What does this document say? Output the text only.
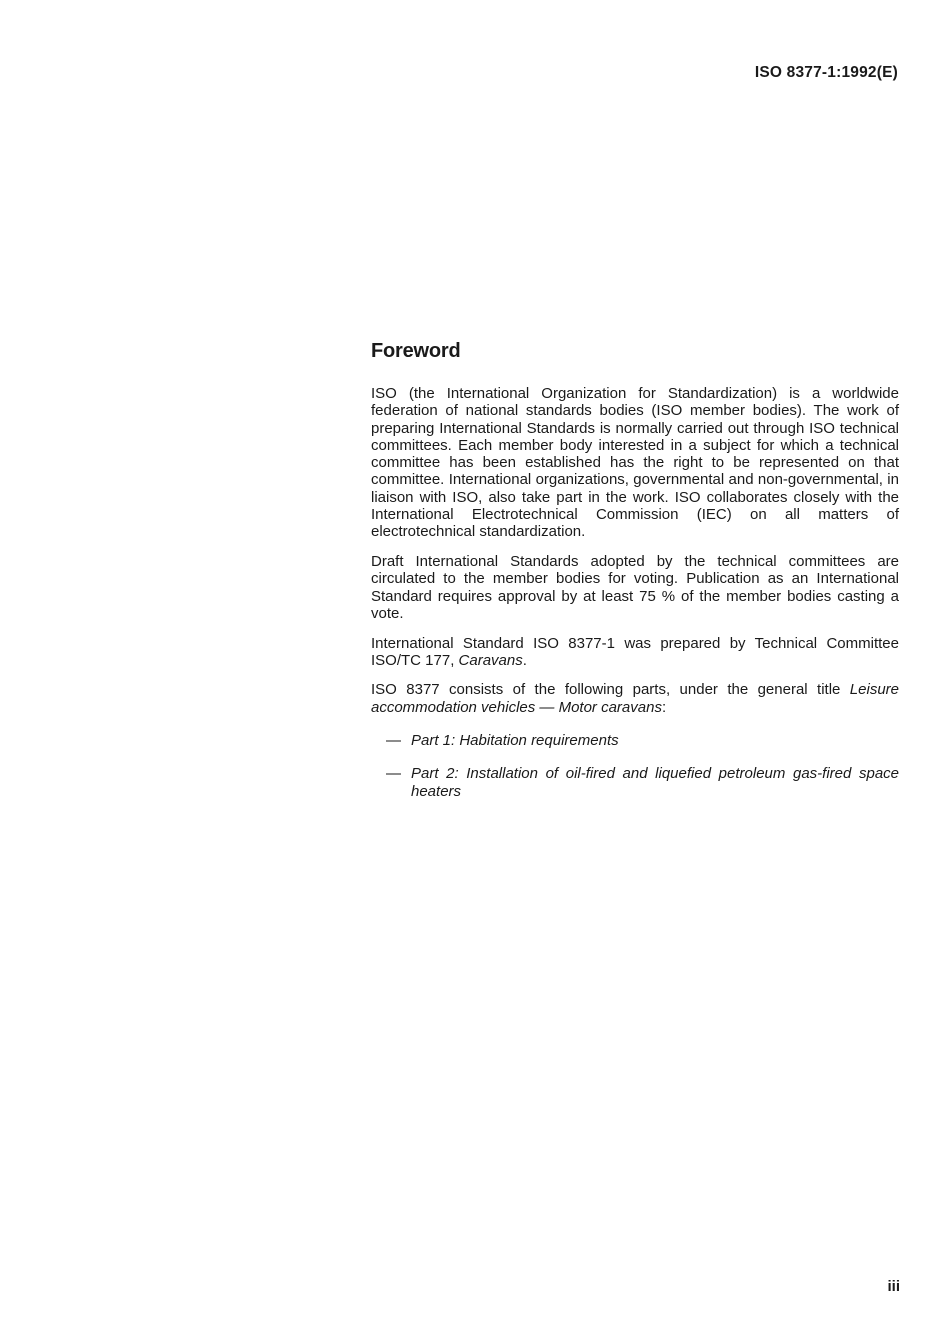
ISO 8377-1:1992(E)
Foreword

ISO (the International Organization for Standardization) is a worldwide federation of national standards bodies (ISO member bodies). The work of preparing International Standards is normally carried out through ISO technical committees. Each member body interested in a subject for which a technical committee has been established has the right to be represented on that committee. International organizations, governmental and non-governmental, in liaison with ISO, also take part in the work. ISO collaborates closely with the International Electrotechnical Commission (IEC) on all matters of electrotechnical standardization.

Draft International Standards adopted by the technical committees are circulated to the member bodies for voting. Publication as an International Standard requires approval by at least 75 % of the member bodies casting a vote.

International Standard ISO 8377-1 was prepared by Technical Committee ISO/TC 177, Caravans.

ISO 8377 consists of the following parts, under the general title Leisure accommodation vehicles — Motor caravans:

— Part 1: Habitation requirements
— Part 2: Installation of oil-fired and liquefied petroleum gas-fired space heaters
iii
